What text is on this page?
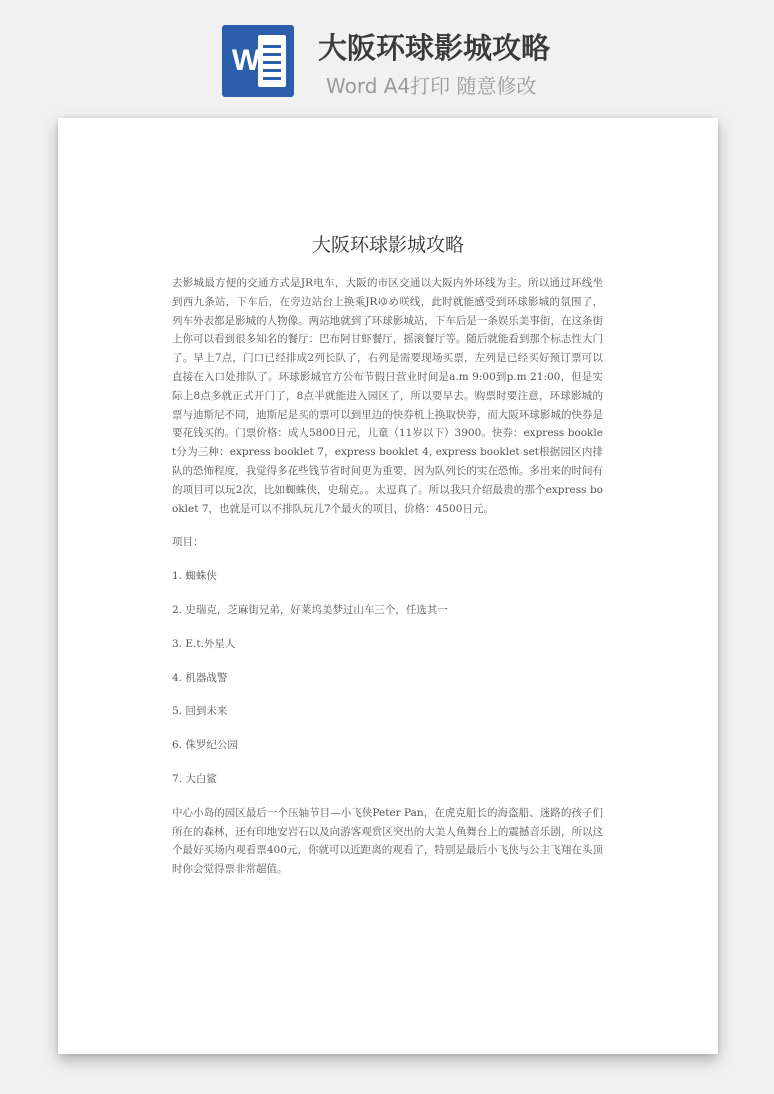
W 大阪环球影城攻略
Word A4打印 随意修改
大阪环球影城攻略

去影城最方便的交通方式是JR电车，大阪的市区交通以大阪内外环线为主。所以通过环线坐到西九条站，下车后，在旁边站台上换乘JRゆめ咲线，此时就能感受到环球影城的氛围了，列车外表都是影城的人物像。两站地就到了环球影城站，下车后是一条娱乐美事街，在这条街上你可以看到很多知名的餐厅：巴布阿甘虾餐厅，摇滚餐厅等。随后就能看到那个标志性大门了。早上7点，门口已经排成2列长队了，右列是需要现场买票，左列是已经买好预订票可以直接在入口处排队了。环球影城官方公布节假日营业时间是a.m 9:00到p.m 21:00，但是实际上8点多就正式开门了，8点半就能进入园区了，所以要早去。购票时要注意，环球影城的票与迪斯尼不同，迪斯尼是买的票可以到里边的快券机上换取快券，而大阪环球影城的快券是要花钱买的。门票价格：成人5800日元，儿童（11岁以下）3900。快券：express booklet分为三种：express booklet 7，express booklet 4, express booklet set根据园区内排队的恐怖程度，我觉得多花些钱节省时间更为重要，因为队列长的实在恐怖。多出来的时间有的项目可以玩2次，比如蜘蛛侠，史瑞克。。太逗真了。所以我只介绍最贵的那个express booklet 7，也就是可以不排队玩儿7个最火的项目，价格：4500日元。

项目：

1. 蜘蛛侠

2. 史瑞克，芝麻街兄弟，好莱坞美梦过山车三个，任选其一

3. E.t.外星人

4. 机器战警

5. 回到未来

6. 侏罗纪公园

7. 大白鲨

中心小岛的园区最后一个压轴节目—小飞侠Peter Pan，在虎克船长的海盗船、迷路的孩子们所在的森林，还有印地安岩石以及向游客观赏区突出的大美人鱼舞台上的震撼音乐剧，所以这个最好买场内观看票400元，你就可以近距离的观看了，特别是最后小飞侠与公主飞翔在头顶时你会觉得票非常超值。
